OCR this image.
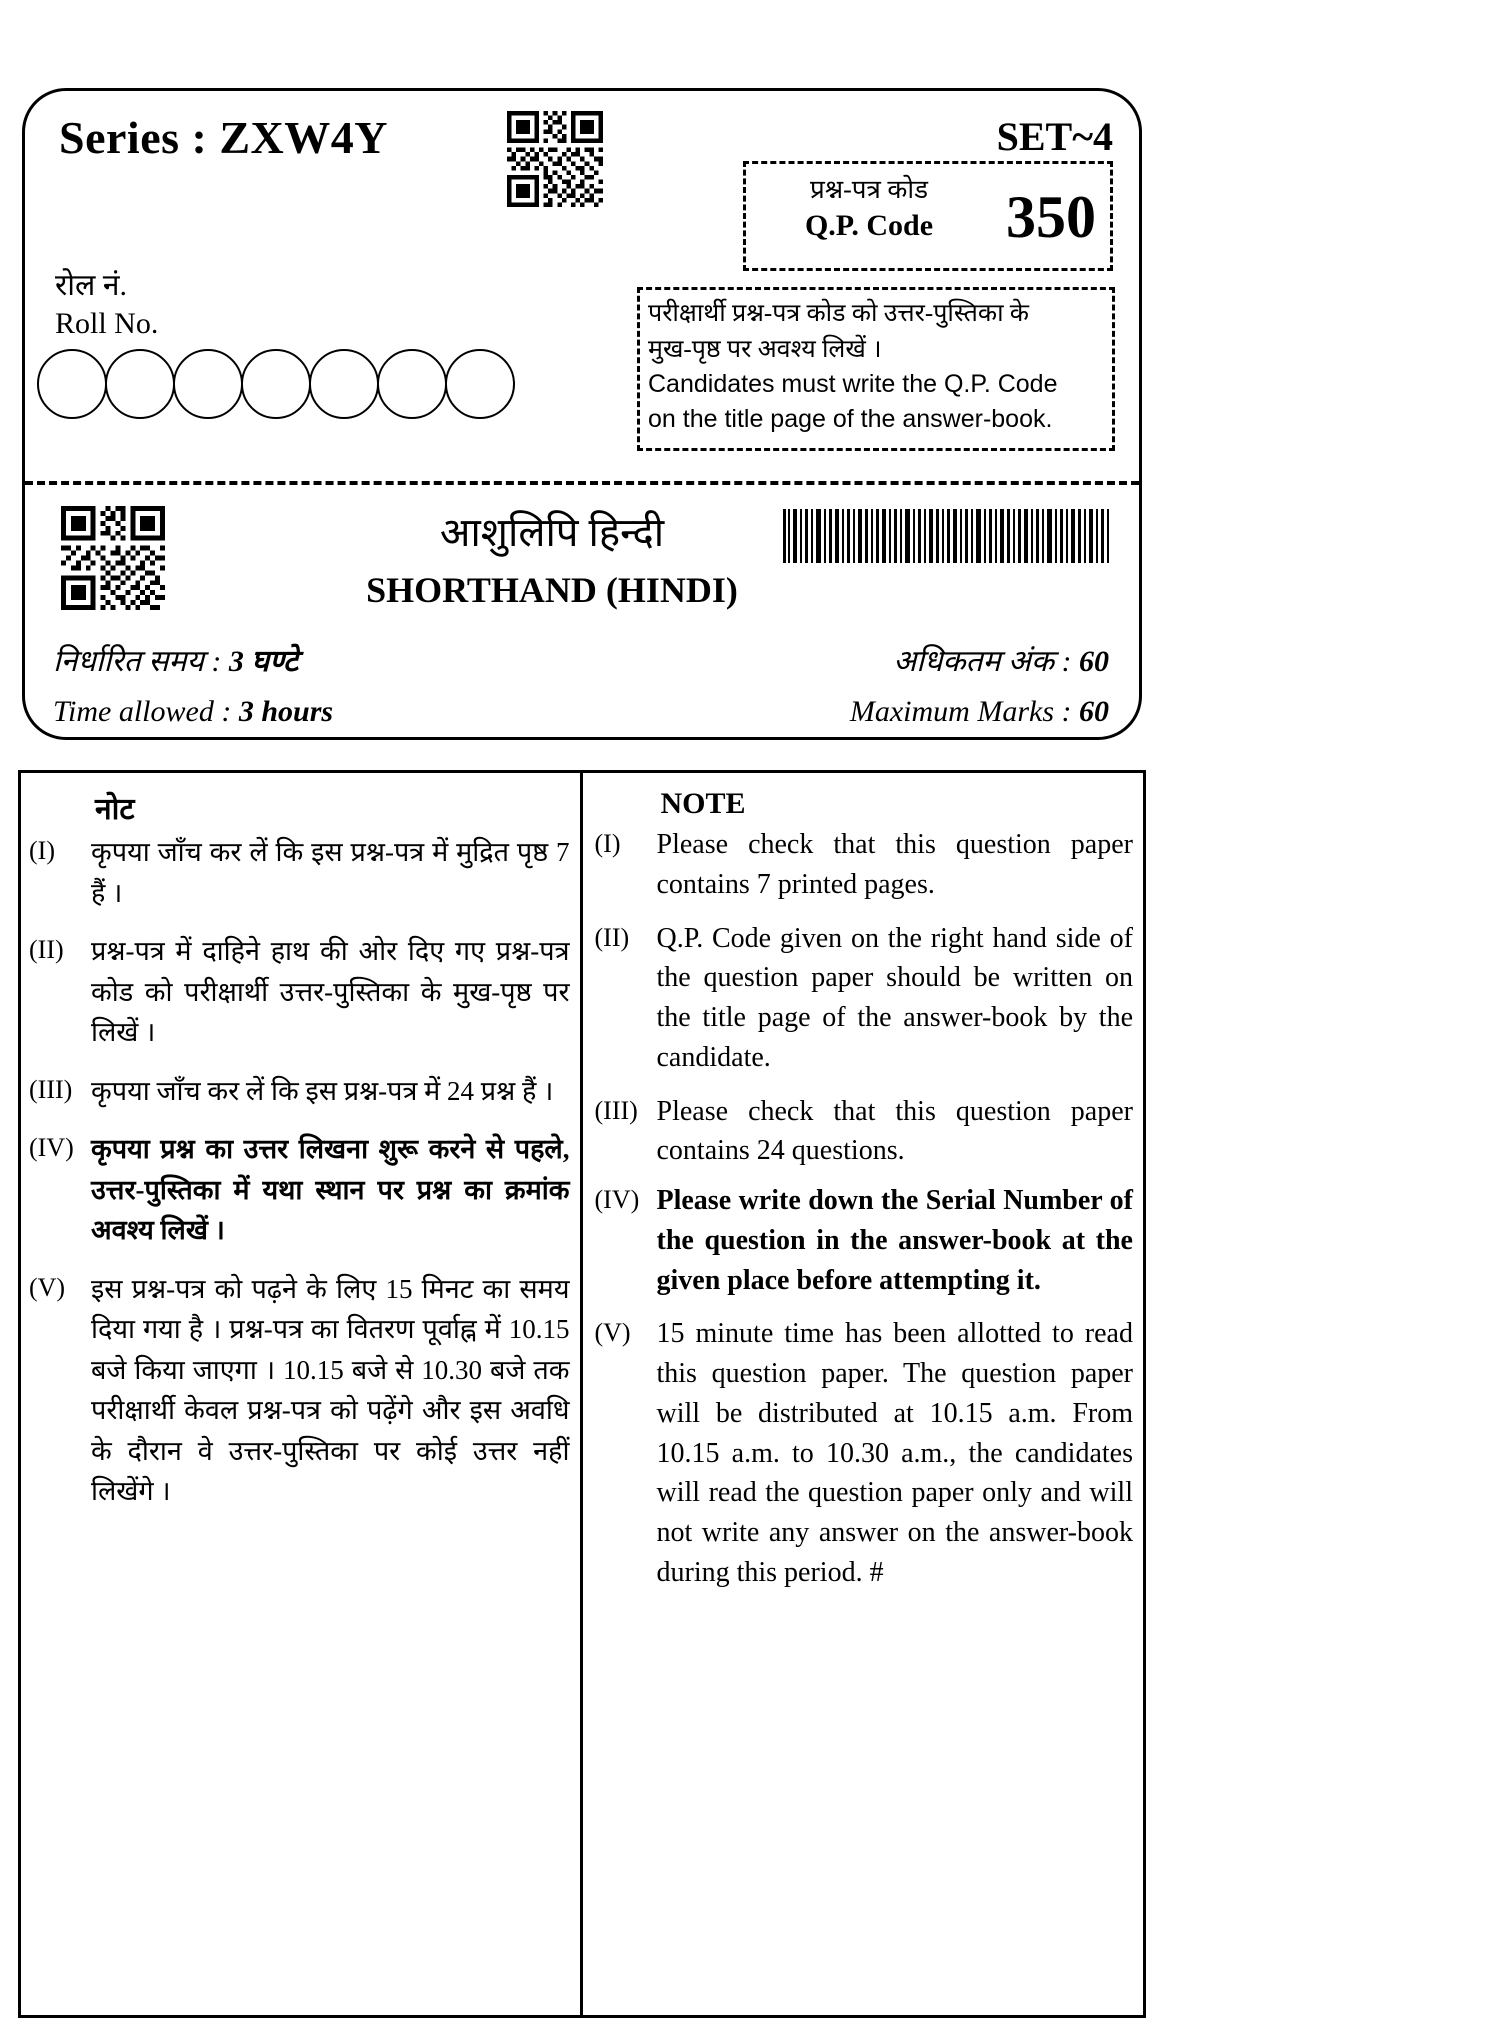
Series : ZXW4Y	SET~4
रोल नं.
Roll No.
प्रश्न-पत्र कोड
Q.P. Code	350
परीक्षार्थी प्रश्न-पत्र कोड को उत्तर-पुस्तिका के
मुख-पृष्ठ पर अवश्य लिखें ।
Candidates must write the Q.P. Code
on the title page of the answer-book.
आशुलिपि हिन्दी
SHORTHAND (HINDI)
निर्धारित समय : 3 घण्टे	अधिकतम अंक : 60
Time allowed : 3 hours	Maximum Marks : 60
नोट
(I)	कृपया जाँच कर लें कि इस प्रश्न-पत्र में मुद्रित पृष्ठ 7 हैं ।
(II)	प्रश्न-पत्र में दाहिने हाथ की ओर दिए गए प्रश्न-पत्र कोड को परीक्षार्थी उत्तर-पुस्तिका के मुख-पृष्ठ पर लिखें ।
(III) कृपया जाँच कर लें कि इस प्रश्न-पत्र में 24 प्रश्न हैं ।
(IV) कृपया प्रश्न का उत्तर लिखना शुरू करने से पहले, उत्तर-पुस्तिका में यथा स्थान पर प्रश्न का क्रमांक अवश्य लिखें ।
(V) इस प्रश्न-पत्र को पढ़ने के लिए 15 मिनट का समय दिया गया है । प्रश्न-पत्र का वितरण पूर्वाह्न में 10.15 बजे किया जाएगा । 10.15 बजे से 10.30 बजे तक परीक्षार्थी केवल प्रश्न-पत्र को पढ़ेंगे और इस अवधि के दौरान वे उत्तर-पुस्तिका पर कोई उत्तर नहीं लिखेंगे ।
NOTE
(I)	Please check that this question paper contains 7 printed pages.
(II) Q.P. Code given on the right hand side of the question paper should be written on the title page of the answer-book by the candidate.
(III) Please check that this question paper contains 24 questions.
(IV) Please write down the Serial Number of the question in the answer-book at the given place before attempting it.
(V) 15 minute time has been allotted to read this question paper. The question paper will be distributed at 10.15 a.m. From 10.15 a.m. to 10.30 a.m., the candidates will read the question paper only and will not write any answer on the answer-book during this period. #
